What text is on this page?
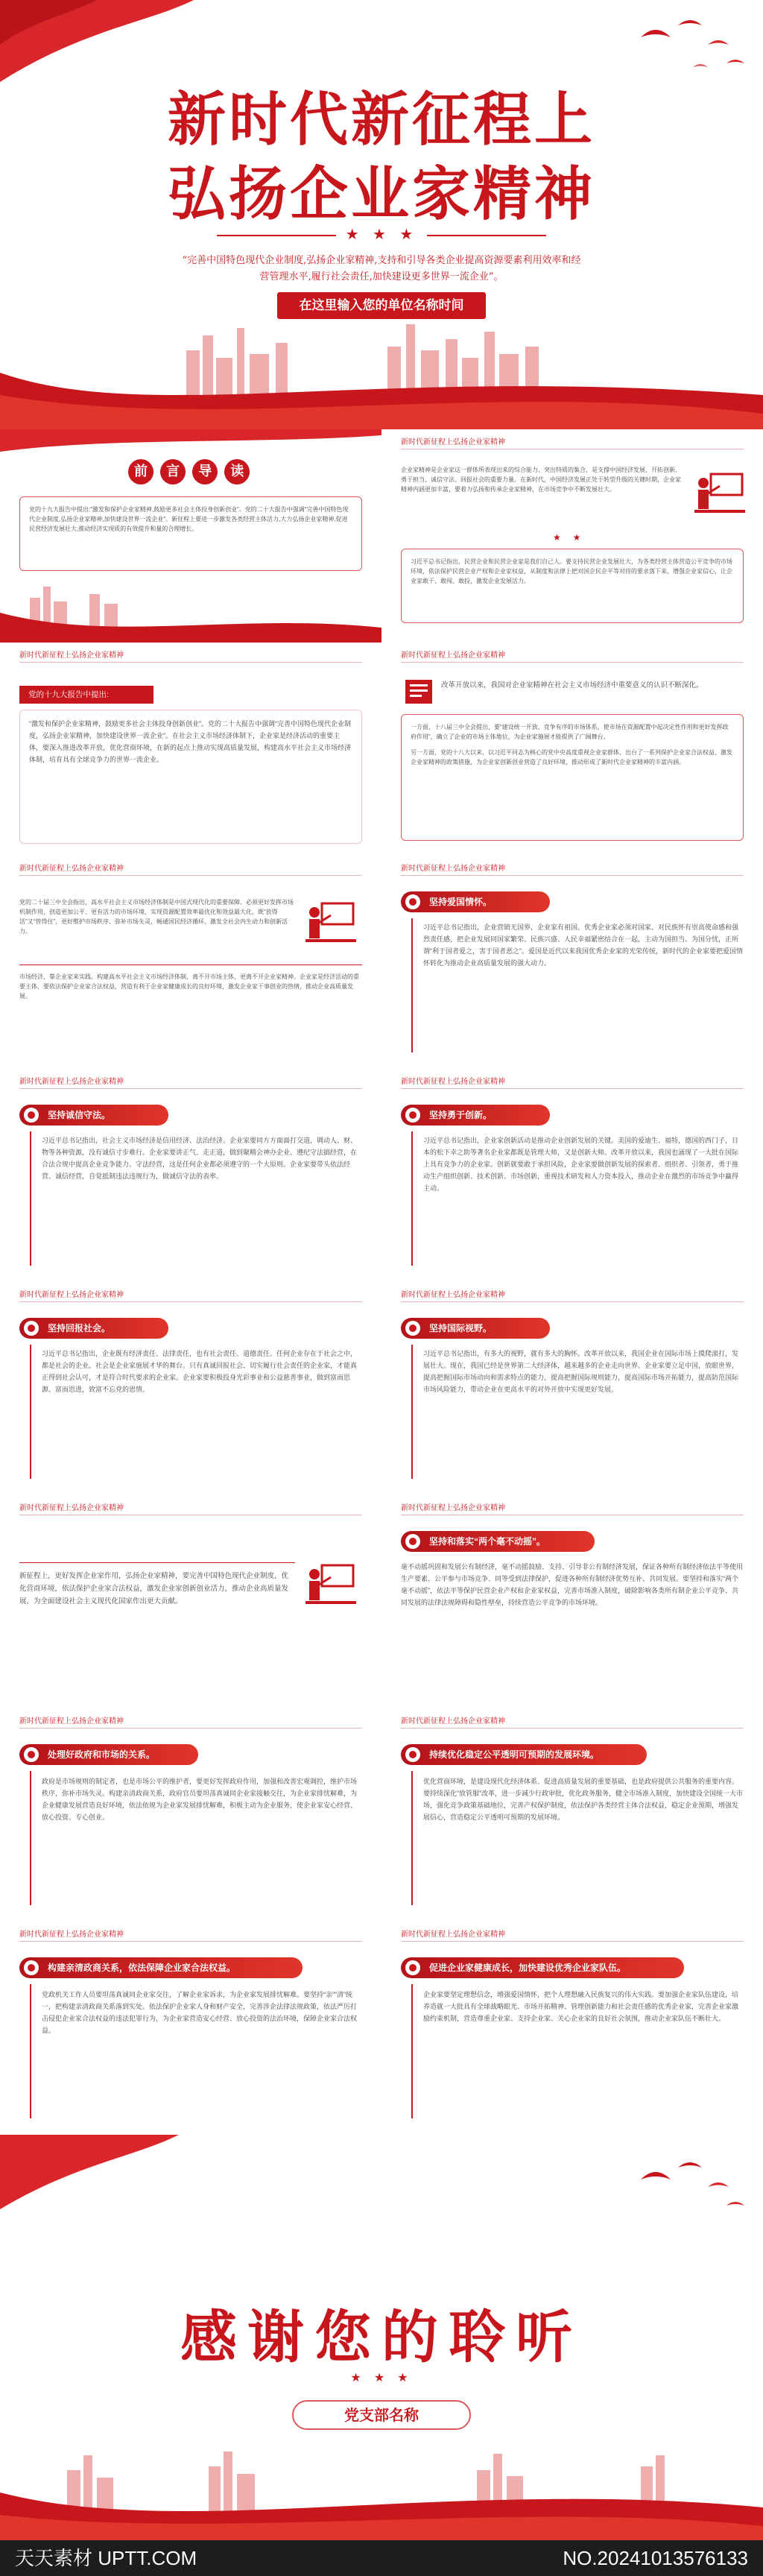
新时代新征程上
弘扬企业家精神
★ ★ ★
“完善中国特色现代企业制度,弘扬企业家精神,支持和引导各类企业提高资源要素利用效率和经
营管理水平,履行社会责任,加快建设更多世界一流企业”。
在这里输入您的单位名称时间
前 言 导 读
党的十九大报告中提出:“激发和保护企业家精神,鼓励更多社会主体投身创新创业”。党的二十大报告中强调“完善中国特色现代企业制度,弘扬企业家精神,加快建设世界一流企业”。新征程上要进一步激发各类经营主体活力,大力弘扬企业家精神,促进民营经济发展壮大,推动经济实现质的有效提升和量的合理增长。
新时代新征程上弘扬企业家精神
企业家精神是企业家这一群体所表现出来的综合能力、突出特质的集合，是支撑中国经济发展、开拓创新、勇于担当、诚信守法、回报社会的重要力量。在新时代，中国经济发展正处于转型升级的关键时期，企业家精神内涵更加丰富，要着力弘扬和传承企业家精神，在市场竞争中不断发展壮大。
★ ★
习近平总书记指出，民营企业和民营企业家是我们自己人。要支持民营企业发展壮大，为各类经营主体营造公平竞争的市场环境，依法保护民营企业产权和企业家权益，从制度和法律上把对国企民企平等对待的要求落下来，增强企业家信心，让企业家敢干、敢闯、敢投，激发企业发展活力。
新时代新征程上弘扬企业家精神
党的十九大报告中提出:
“激发和保护企业家精神，鼓励更多社会主体投身创新创业”。党的二十大报告中强调“完善中国特色现代企业制度，弘扬企业家精神，加快建设世界一流企业”。在社会主义市场经济体制下，企业家是经济活动的重要主体，要深入推进改革开放，优化营商环境，在新的起点上推动实现高质量发展，构建高水平社会主义市场经济体制，培育具有全球竞争力的世界一流企业。
新时代新征程上弘扬企业家精神
改革开放以来，我国对企业家精神在社会主义市场经济中重要意义的认识不断深化。
一方面，十八届三中全会提出，要“建设统一开放、竞争有序的市场体系，使市场在资源配置中起决定性作用和更好发挥政府作用”，确立了企业的市场主体地位，为企业家施展才能提供了广阔舞台。
另一方面，党的十八大以来，以习近平同志为核心的党中央高度重视企业家群体，出台了一系列保护企业家合法权益、激发企业家精神的政策措施，为企业家创新创业营造了良好环境，推动形成了新时代企业家精神的丰富内涵。
新时代新征程上弘扬企业家精神
党的二十届三中全会指出，高水平社会主义市场经济体制是中国式现代化的重要保障。必须更好发挥市场机制作用，创造更加公平、更有活力的市场环境，实现资源配置效率最优化和效益最大化，既“放得活”又“管得住”，更好维护市场秩序、弥补市场失灵，畅通国民经济循环，激发全社会内生动力和创新活力。
市场经济，靠企业家来实践。构建高水平社会主义市场经济体制，离不开市场主体，更离不开企业家精神。企业家是经济活动的重要主体，要依法保护企业家合法权益，营造有利于企业家健康成长的良好环境，激发企业家干事创业的热情，推动企业高质量发展。
新时代新征程上弘扬企业家精神
坚持爱国情怀。
习近平总书记指出，企业营销无国界，企业家有祖国。优秀企业家必须对国家、对民族怀有崇高使命感和强烈责任感，把企业发展同国家繁荣、民族兴盛、人民幸福紧密结合在一起，主动为国担当、为国分忧，正所谓“利于国者爱之，害于国者恶之”。爱国是近代以来我国优秀企业家的光荣传统，新时代的企业家要把爱国情怀转化为推动企业高质量发展的强大动力。
新时代新征程上弘扬企业家精神
坚持诚信守法。
习近平总书记指出，社会主义市场经济是信用经济、法治经济。企业家要同方方面面打交道，调动人、财、物等各种资源，没有诚信寸步难行。企业家要讲正气、走正道，做到聚精会神办企业、遵纪守法搞经营，在合法合规中提高企业竞争能力。守法经营，这是任何企业都必须遵守的一个大原则。企业家要带头依法经营、诚信经营，自觉抵制违法违规行为，做诚信守法的表率。
新时代新征程上弘扬企业家精神
坚持勇于创新。
习近平总书记指出，企业家创新活动是推动企业创新发展的关键。美国的爱迪生、福特，德国的西门子，日本的松下幸之助等著名企业家都既是管理大师，又是创新大师。改革开放以来，我国也涌现了一大批在国际上具有竞争力的企业家。创新就要敢于承担风险，企业家要做创新发展的探索者、组织者、引领者，勇于推动生产组织创新、技术创新、市场创新，重视技术研发和人力资本投入，推动企业在激烈的市场竞争中赢得主动。
新时代新征程上弘扬企业家精神
坚持回报社会。
习近平总书记指出，企业既有经济责任、法律责任，也有社会责任、道德责任。任何企业存在于社会之中，都是社会的企业。社会是企业家施展才华的舞台。只有真诚回报社会、切实履行社会责任的企业家，才能真正得到社会认可，才是符合时代要求的企业家。企业家要积极投身光彩事业和公益慈善事业，做到富而思源、富而思进，致富不忘党的恩情。
新时代新征程上弘扬企业家精神
坚持国际视野。
习近平总书记指出，有多大的视野，就有多大的胸怀。改革开放以来，我国企业在国际市场上摸爬滚打，发展壮大。现在，我国已经是世界第二大经济体，越来越多的企业走向世界。企业家要立足中国，放眼世界，提高把握国际市场动向和需求特点的能力，提高把握国际规则能力，提高国际市场开拓能力，提高防范国际市场风险能力，带动企业在更高水平的对外开放中实现更好发展。
新时代新征程上弘扬企业家精神
新征程上，更好发挥企业家作用，弘扬企业家精神，要完善中国特色现代企业制度，优化营商环境，依法保护企业家合法权益，激发企业家创新创业活力，推动企业高质量发展，为全面建设社会主义现代化国家作出更大贡献。
新时代新征程上弘扬企业家精神
坚持和落实“两个毫不动摇”。
毫不动摇巩固和发展公有制经济，毫不动摇鼓励、支持、引导非公有制经济发展，保证各种所有制经济依法平等使用生产要素、公平参与市场竞争、同等受到法律保护，促进各种所有制经济优势互补、共同发展。要坚持和落实“两个毫不动摇”，依法平等保护民营企业产权和企业家权益，完善市场准入制度，破除影响各类所有制企业公平竞争、共同发展的法律法规障碍和隐性壁垒，持续营造公平竞争的市场环境。
新时代新征程上弘扬企业家精神
处理好政府和市场的关系。
政府是市场规则的制定者，也是市场公平的维护者，要更好发挥政府作用，加强和改善宏观调控，维护市场秩序，弥补市场失灵。构建亲清政商关系，政府官员要坦荡真诚同企业家接触交往，为企业家排忧解难，为企业健康发展营造良好环境，依法依规为企业家发展排忧解难，积极主动为企业服务，使企业家安心经营、放心投资、专心创业。
新时代新征程上弘扬企业家精神
持续优化稳定公平透明可预期的发展环境。
优化营商环境，是建设现代化经济体系、促进高质量发展的重要基础，也是政府提供公共服务的重要内容。要持续深化“放管服”改革，进一步减少行政审批，优化政务服务，健全市场准入制度，加快建设全国统一大市场，强化竞争政策基础地位，完善产权保护制度，依法保护各类经营主体合法权益，稳定企业预期，增强发展信心，营造稳定公平透明可预期的发展环境。
新时代新征程上弘扬企业家精神
构建亲清政商关系，依法保障企业家合法权益。
党政机关工作人员要坦荡真诚同企业家交往，了解企业家诉求，为企业家发展排忧解难。要坚持“亲”“清”统一，把构建亲清政商关系落到实处。依法保护企业家人身和财产安全，完善涉企法律法规政策，依法严厉打击侵犯企业家合法权益的违法犯罪行为，为企业家营造安心经营、放心投资的法治环境，保障企业家合法权益。
新时代新征程上弘扬企业家精神
促进企业家健康成长，加快建设优秀企业家队伍。
企业家要坚定理想信念，增强爱国情怀，把个人理想融入民族复兴的伟大实践。要加强企业家队伍建设，培养造就一大批具有全球战略眼光、市场开拓精神、管理创新能力和社会责任感的优秀企业家，完善企业家激励约束机制，营造尊重企业家、支持企业家、关心企业家的良好社会氛围，推动企业家队伍不断壮大。
感谢您的聆听
★ ★ ★
党支部名称
天天素材 UPTT.COM	NO.20241013576133
